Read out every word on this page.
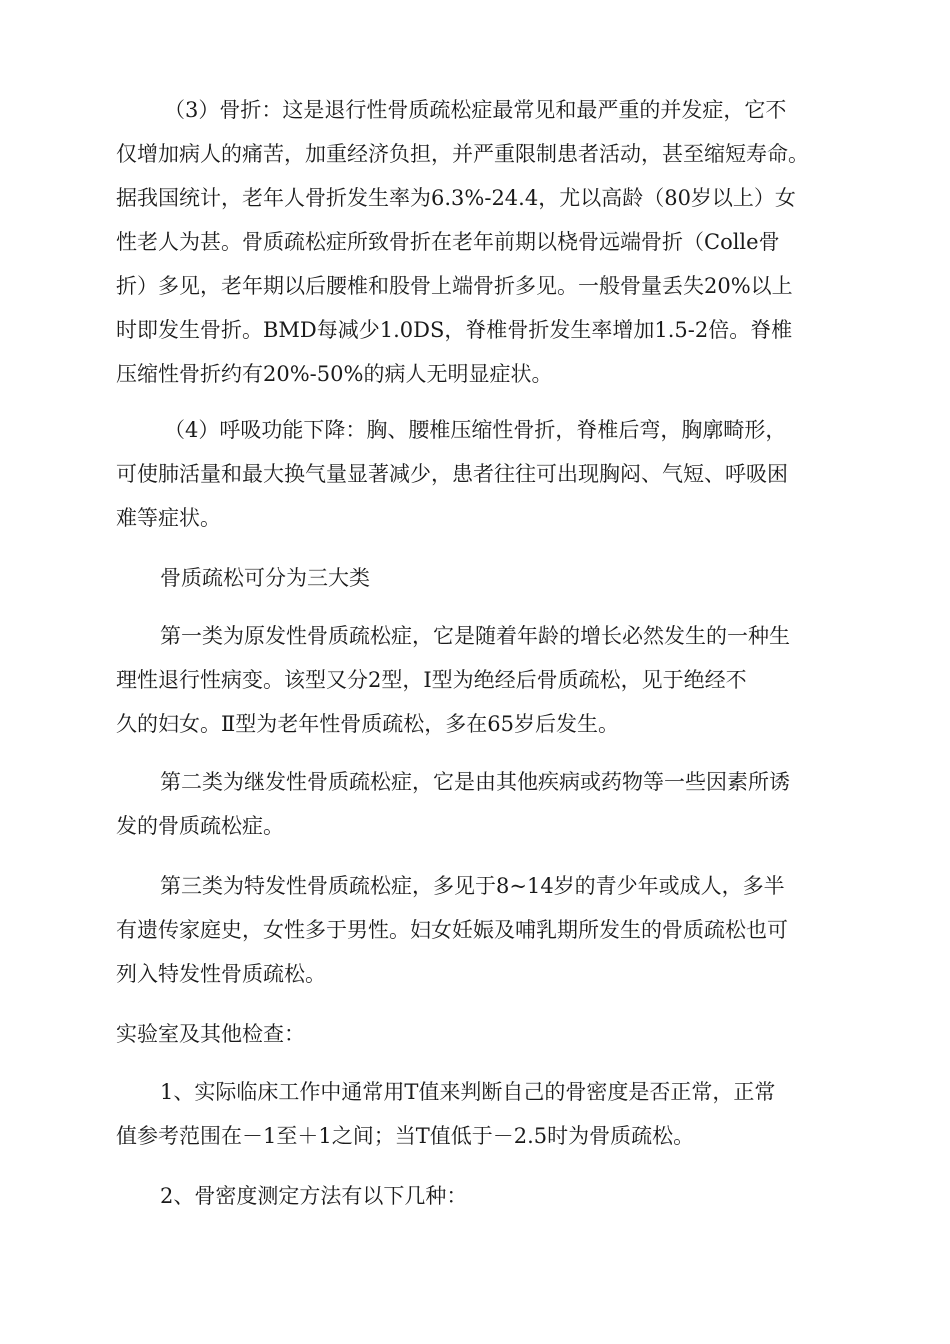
（3）骨折：这是退行性骨质疏松症最常见和最严重的并发症，它不
仅增加病人的痛苦，加重经济负担，并严重限制患者活动，甚至缩短寿命。
据我国统计，老年人骨折发生率为6.3%-24.4，尤以高龄（80岁以上）女
性老人为甚。骨质疏松症所致骨折在老年前期以桡骨远端骨折（Colle骨
折）多见，老年期以后腰椎和股骨上端骨折多见。一般骨量丢失20%以上
时即发生骨折。BMD每减少1.0DS，脊椎骨折发生率增加1.5-2倍。脊椎
压缩性骨折约有20%-50%的病人无明显症状。

（4）呼吸功能下降：胸、腰椎压缩性骨折，脊椎后弯，胸廓畸形，
可使肺活量和最大换气量显著减少，患者往往可出现胸闷、气短、呼吸困
难等症状。

骨质疏松可分为三大类

第一类为原发性骨质疏松症，它是随着年龄的增长必然发生的一种生
理性退行性病变。该型又分2型，Ⅰ型为绝经后骨质疏松，见于绝经不
久的妇女。Ⅱ型为老年性骨质疏松，多在65岁后发生。

第二类为继发性骨质疏松症，它是由其他疾病或药物等一些因素所诱
发的骨质疏松症。

第三类为特发性骨质疏松症，多见于8~14岁的青少年或成人，多半
有遗传家庭史，女性多于男性。妇女妊娠及哺乳期所发生的骨质疏松也可
列入特发性骨质疏松。

实验室及其他检查：

1、实际临床工作中通常用T值来判断自己的骨密度是否正常，正常
值参考范围在－1至＋1之间；当T值低于－2.5时为骨质疏松。

2、骨密度测定方法有以下几种：
